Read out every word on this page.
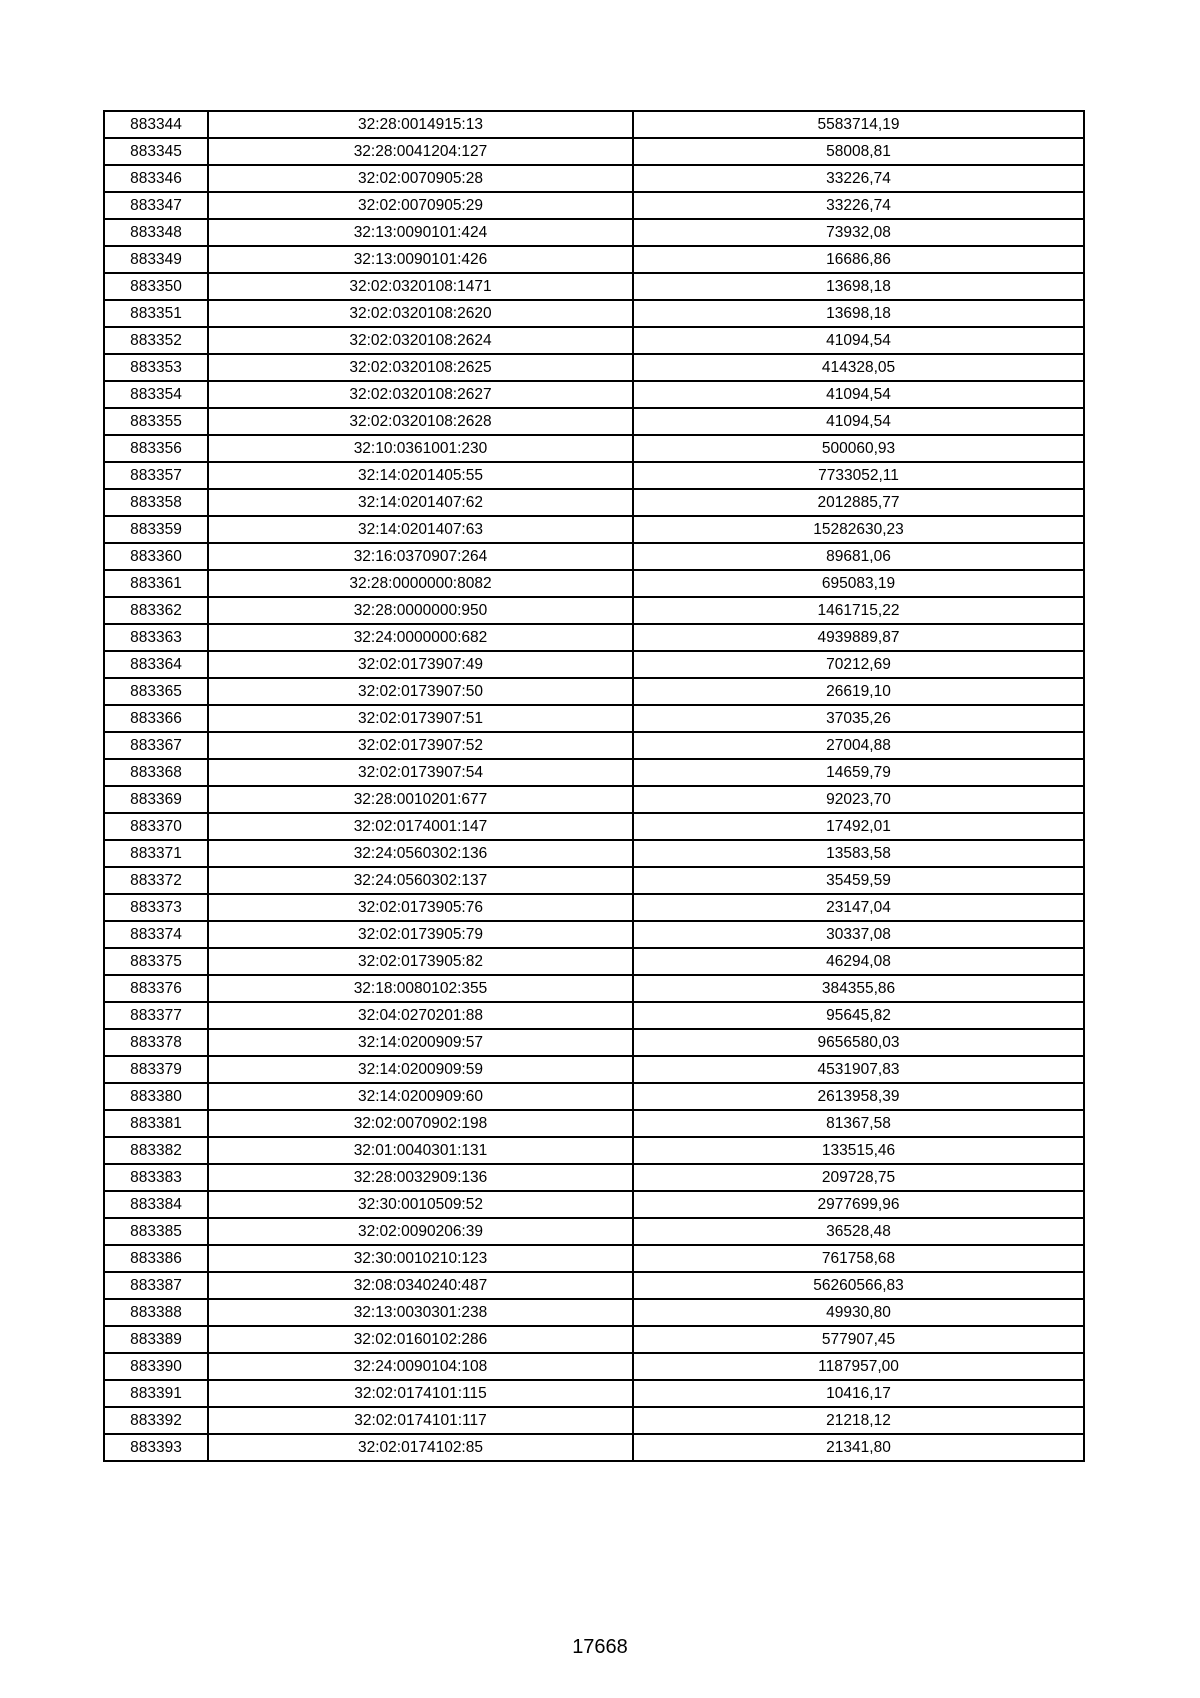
883344	32:28:0014915:13	5583714,19
883345	32:28:0041204:127	58008,81
883346	32:02:0070905:28	33226,74
883347	32:02:0070905:29	33226,74
883348	32:13:0090101:424	73932,08
883349	32:13:0090101:426	16686,86
883350	32:02:0320108:1471	13698,18
883351	32:02:0320108:2620	13698,18
883352	32:02:0320108:2624	41094,54
883353	32:02:0320108:2625	414328,05
883354	32:02:0320108:2627	41094,54
883355	32:02:0320108:2628	41094,54
883356	32:10:0361001:230	500060,93
883357	32:14:0201405:55	7733052,11
883358	32:14:0201407:62	2012885,77
883359	32:14:0201407:63	15282630,23
883360	32:16:0370907:264	89681,06
883361	32:28:0000000:8082	695083,19
883362	32:28:0000000:950	1461715,22
883363	32:24:0000000:682	4939889,87
883364	32:02:0173907:49	70212,69
883365	32:02:0173907:50	26619,10
883366	32:02:0173907:51	37035,26
883367	32:02:0173907:52	27004,88
883368	32:02:0173907:54	14659,79
883369	32:28:0010201:677	92023,70
883370	32:02:0174001:147	17492,01
883371	32:24:0560302:136	13583,58
883372	32:24:0560302:137	35459,59
883373	32:02:0173905:76	23147,04
883374	32:02:0173905:79	30337,08
883375	32:02:0173905:82	46294,08
883376	32:18:0080102:355	384355,86
883377	32:04:0270201:88	95645,82
883378	32:14:0200909:57	9656580,03
883379	32:14:0200909:59	4531907,83
883380	32:14:0200909:60	2613958,39
883381	32:02:0070902:198	81367,58
883382	32:01:0040301:131	133515,46
883383	32:28:0032909:136	209728,75
883384	32:30:0010509:52	2977699,96
883385	32:02:0090206:39	36528,48
883386	32:30:0010210:123	761758,68
883387	32:08:0340240:487	56260566,83
883388	32:13:0030301:238	49930,80
883389	32:02:0160102:286	577907,45
883390	32:24:0090104:108	1187957,00
883391	32:02:0174101:115	10416,17
883392	32:02:0174101:117	21218,12
883393	32:02:0174102:85	21341,80
17668
